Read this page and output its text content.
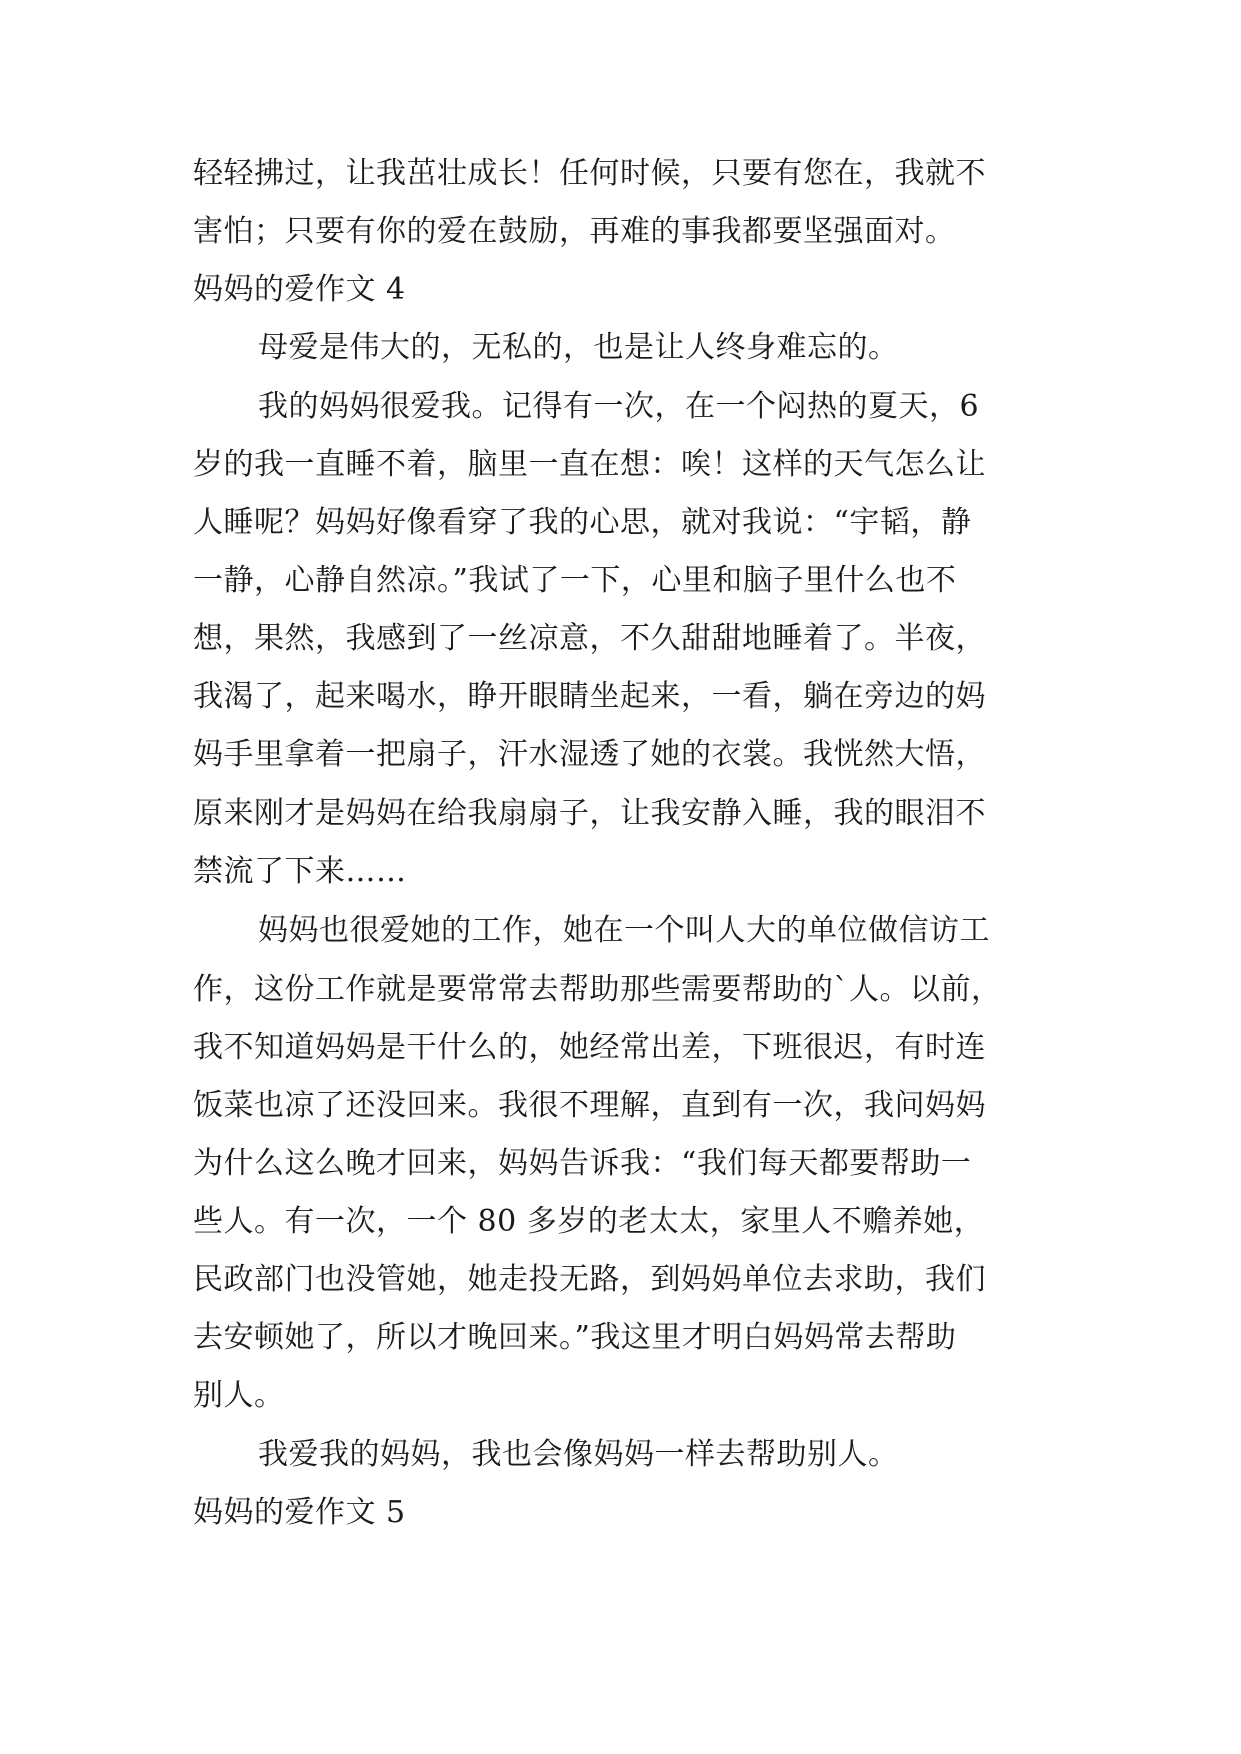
轻轻拂过，让我茁壮成长！任何时候，只要有您在，我就不
害怕；只要有你的爱在鼓励，再难的事我都要坚强面对。
妈妈的爱作文 4
母爱是伟大的，无私的，也是让人终身难忘的。
我的妈妈很爱我。记得有一次，在一个闷热的夏天，6
岁的我一直睡不着，脑里一直在想：唉！这样的天气怎么让
人睡呢？妈妈好像看穿了我的心思，就对我说：“宇韬，静
一静，心静自然凉。”我试了一下，心里和脑子里什么也不
想，果然，我感到了一丝凉意，不久甜甜地睡着了。半夜，
我渴了，起来喝水，睁开眼睛坐起来，一看，躺在旁边的妈
妈手里拿着一把扇子，汗水湿透了她的衣裳。我恍然大悟，
原来刚才是妈妈在给我扇扇子，让我安静入睡，我的眼泪不
禁流了下来……
妈妈也很爱她的工作，她在一个叫人大的单位做信访工
作，这份工作就是要常常去帮助那些需要帮助的`人。以前，
我不知道妈妈是干什么的，她经常出差，下班很迟，有时连
饭菜也凉了还没回来。我很不理解，直到有一次，我问妈妈
为什么这么晚才回来，妈妈告诉我：“我们每天都要帮助一
些人。有一次，一个 80 多岁的老太太，家里人不赡养她，
民政部门也没管她，她走投无路，到妈妈单位去求助，我们
去安顿她了，所以才晚回来。”我这里才明白妈妈常去帮助
别人。
我爱我的妈妈，我也会像妈妈一样去帮助别人。
妈妈的爱作文 5
